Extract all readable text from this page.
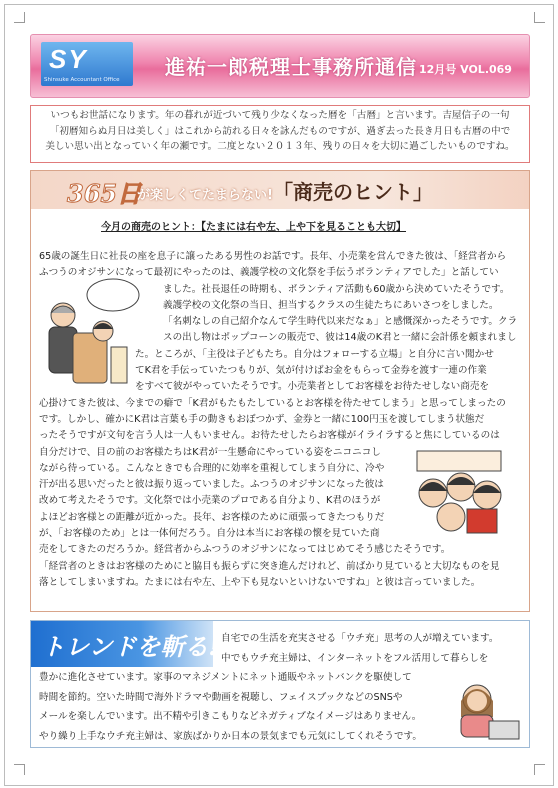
SY
Shinsuke Accountant Office
進祐一郎税理士事務所通信 12月号 VOL.069
いつもお世話になります。年の暮れが近づいて残り少なくなった暦を「古暦」と言います。吉屋信子の一句
「初暦知らぬ月日は美しく」はこれから訪れる日々を詠んだものですが、過ぎ去った長き月日も古暦の中で
美しい思い出となっていく年の瀬です。二度とない２０１３年、残りの日々を大切に過ごしたいものですね。
365日
が楽しくてたまらない! 「商売のヒント」
今月の商売のヒント：【たまには右や左、上や下を見ることも大切】

65歳の誕生日に社長の座を息子に譲ったある男性のお話です。長年、小売業を営んできた彼は、「経営者から

ふつうのオジサンになって最初にやったのは、義護学校の文化祭を手伝うボランティアでした」と話してい

ました。社長退任の時期も、ボランティア活動も60歳から決めていたそうです。

義護学校の文化祭の当日、担当するクラスの生徒たちにあいさつをしました。

「名刺なしの自己紹介なんて学生時代以来だなぁ」と感慨深かったそうです。クラ

スの出し物はポップコーンの販売で、彼は14歳のK君と一緒に会計係を頼まれまし

た。ところが、「主役は子どもたち。自分はフォローする立場」と自分に言い聞かせ

てK君を手伝っていたつもりが、気が付けばお金をもらって金券を渡す一連の作業

をすべて彼がやっていたそうです。小売業者としてお客様をお待たせしない商売を

心掛けてきた彼は、今までの癖で「K君がもたもたしているとお客様を待たせてしまう」と思ってしまったの

です。しかし、確かにK君は言葉も手の動きもおぼつかず、金券と一緒に100円玉を渡してしまう状態だ

ったそうですが文句を言う人は一人もいません。お待たせしたらお客様がイライラすると焦にしているのは

自分だけで、目の前のお客様たちはK君が一生懸命にやっている姿をニコニコし

ながら待っている。こんなときでも合理的に効率を重視してしまう自分に、冷や

汗が出る思いだったと彼は振り返っていました。ふつうのオジサンになった彼は

改めて考えたそうです。文化祭では小売業のプロである自分より、K君のほうが

よほどお客様との距離が近かった。長年、お客様のために頑張ってきたつもりだ

が、「お客様のため」とは一体何だろう。自分は本当にお客様の懐を見ていた商

売をしてきたのだろうか。経営者からふつうのオジサンになってはじめてそう感じたそうです。

「経営者のときはお客様のためにと脇目も振らずに突き進んだけれど、前ばかり見ていると大切なものを見

落としてしまいますね。たまには右や左、上や下も見ないといけないですね」と彼は言っていました。

トレンドを斬る! 自宅での生活を充実させる「ウチ充」思考の人が増えています。

中でもウチ充主婦は、インターネットをフル活用して暮らしを

豊かに進化させています。家事のマネジメントにネット通販やネットバンクを駆使して

時間を節約。空いた時間で海外ドラマや動画を視聴し、フェイスブックなどのSNSや

メールを楽しんでいます。出不精や引きこもりなどネガティブなイメージはありません。

やり繰り上手なウチ充主婦は、家族ばかりか日本の景気までも元気にしてくれそうです。
